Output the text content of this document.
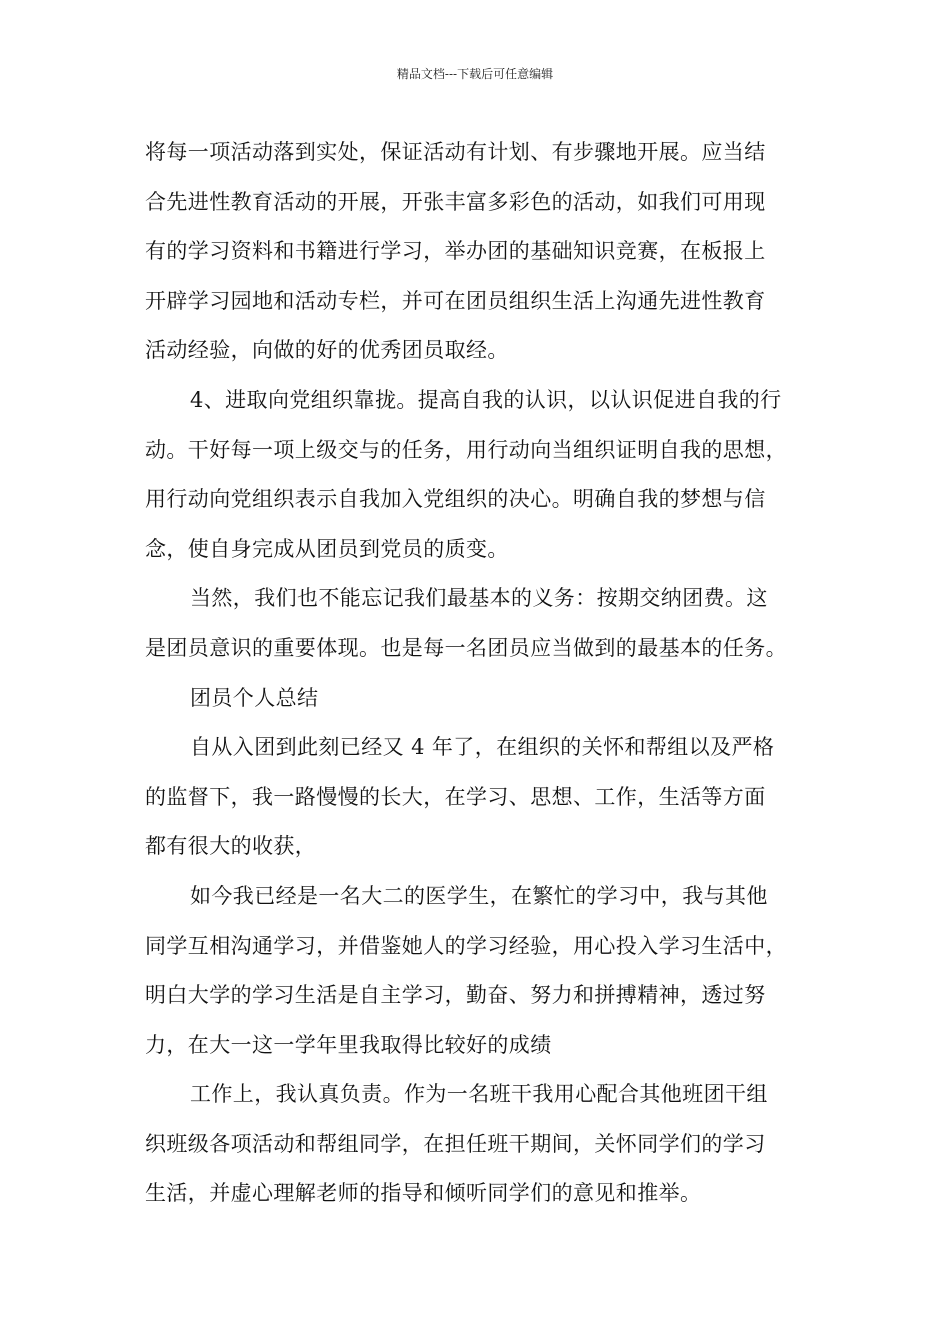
精品文档---下载后可任意编辑
将每一项活动落到实处，保证活动有计划、有步骤地开展。应当结
合先进性教育活动的开展，开张丰富多彩色的活动，如我们可用现
有的学习资料和书籍进行学习，举办团的基础知识竞赛，在板报上
开辟学习园地和活动专栏，并可在团员组织生活上沟通先进性教育
活动经验，向做的好的优秀团员取经。
4、进取向党组织靠拢。提高自我的认识，以认识促进自我的行
动。干好每一项上级交与的任务，用行动向当组织证明自我的思想，
用行动向党组织表示自我加入党组织的决心。明确自我的梦想与信
念，使自身完成从团员到党员的质变。
当然，我们也不能忘记我们最基本的义务：按期交纳团费。这
是团员意识的重要体现。也是每一名团员应当做到的最基本的任务。
团员个人总结
自从入团到此刻已经又 4 年了，在组织的关怀和帮组以及严格
的监督下，我一路慢慢的长大，在学习、思想、工作，生活等方面
都有很大的收获，
如今我已经是一名大二的医学生，在繁忙的学习中，我与其他
同学互相沟通学习，并借鉴她人的学习经验，用心投入学习生活中，
明白大学的学习生活是自主学习，勤奋、努力和拼搏精神，透过努
力，在大一这一学年里我取得比较好的成绩
工作上，我认真负责。作为一名班干我用心配合其他班团干组
织班级各项活动和帮组同学，在担任班干期间，关怀同学们的学习
生活，并虚心理解老师的指导和倾听同学们的意见和推举。
